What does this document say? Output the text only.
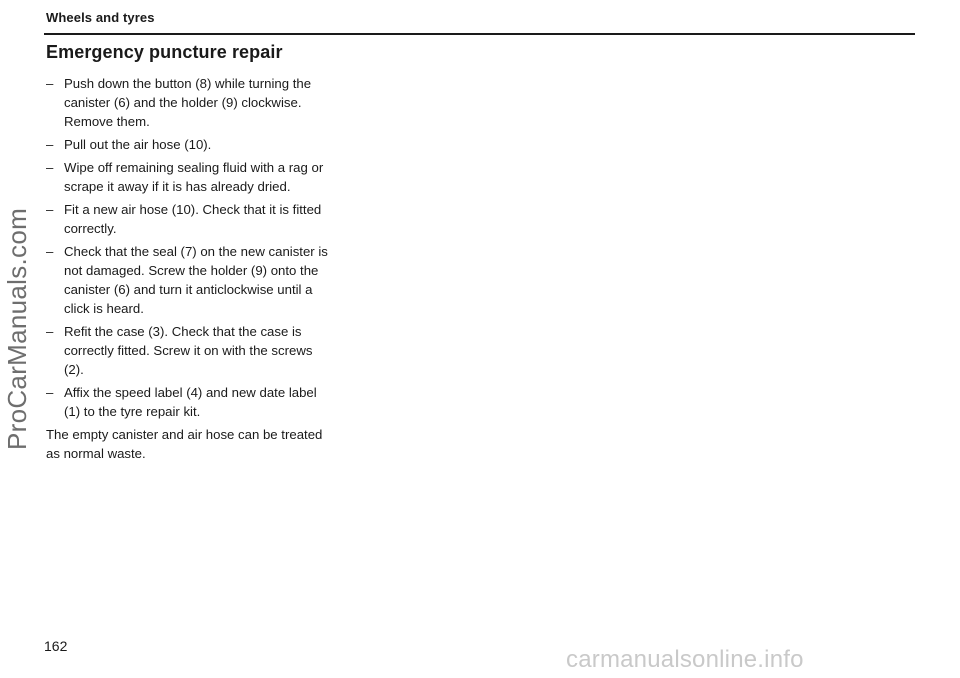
Wheels and tyres
Emergency puncture repair
– Push down the button (8) while turning the canister (6) and the holder (9) clockwise. Remove them.
– Pull out the air hose (10).
– Wipe off remaining sealing fluid with a rag or scrape it away if it is has already dried.
– Fit a new air hose (10). Check that it is fitted correctly.
– Check that the seal (7) on the new canister is not damaged. Screw the holder (9) onto the canister (6) and turn it anticlockwise until a click is heard.
– Refit the case (3). Check that the case is correctly fitted. Screw it on with the screws (2).
– Affix the speed label (4) and new date label (1) to the tyre repair kit.

The empty canister and air hose can be treated as normal waste.

162
ProCarManuals.com
carmanualsonline.info
